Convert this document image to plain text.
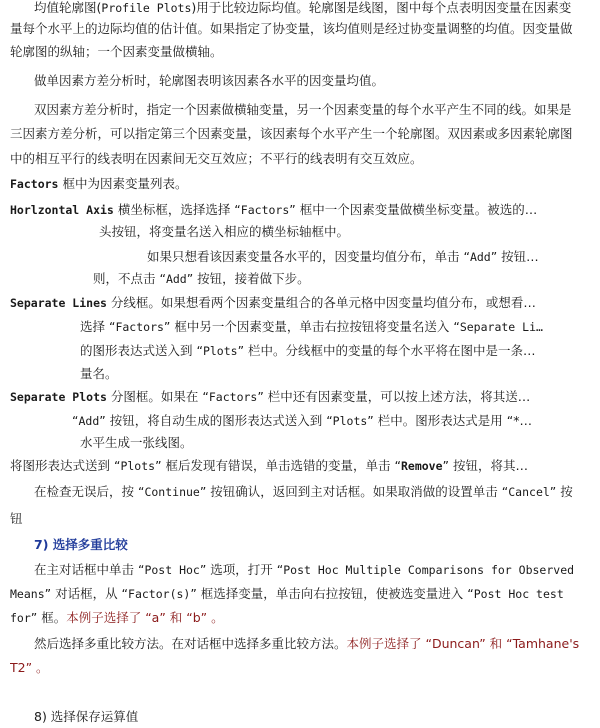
均值轮廓图(Profile Plots)用于比较边际均值。轮廓图是线图，图中每个点表明因变量在因素变
量每个水平上的边际均值的估计值。如果指定了协变量，该均值则是经过协变量调整的均值。因变量做
轮廓图的纵轴；一个因素变量做横轴。
做单因素方差分析时，轮廓图表明该因素各水平的因变量均值。
双因素方差分析时，指定一个因素做横轴变量，另一个因素变量的每个水平产生不同的线。如果是
三因素方差分析，可以指定第三个因素变量，该因素每个水平产生一个轮廓图。双因素或多因素轮廓图
中的相互平行的线表明在因素间无交互效应；不平行的线表明有交互效应。
Factors 框中为因素变量列表。
Horlzontal Axis 横坐标框，选择选择 “Factors” 框中一个因素变量做横坐标变量。被选的…
头按钮，将变量名送入相应的横坐标轴框中。
如果只想看该因素变量各水平的，因变量均值分布，单击 “Add” 按钮…
则，不点击 “Add” 按钮，接着做下步。
Separate Lines 分线框。如果想看两个因素变量组合的各单元格中因变量均值分布，或想看…
选择 “Factors” 框中另一个因素变量，单击右拉按钮将变量名送入 “Separate Li…
的图形表达式送入到 “Plots” 栏中。分线框中的变量的每个水平将在图中是一条…
量名。
Separate Plots 分图框。如果在 “Factors” 栏中还有因素变量，可以按上述方法，将其送…
“Add” 按钮，将自动生成的图形表达式送入到 “Plots” 栏中。图形表达式是用 “*…
水平生成一张线图。
将图形表达式送到 “Plots” 框后发现有错误，单击选错的变量，单击 “Remove” 按钮，将其…
在检查无误后，按 “Continue” 按钮确认，返回到主对话框。如果取消做的设置单击 “Cancel” 按
钮
7) 选择多重比较
在主对话框中单击 “Post Hoc” 选项，打开 “Post Hoc Multiple Comparisons for Observed
Means” 对话框，从 “Factor(s)” 框选择变量，单击向右拉按钮，使被选变量进入 “Post Hoc test
for” 框。本例子选择了 “a” 和 “b” 。
然后选择多重比较方法。在对话框中选择多重比较方法。本例子选择了 “Duncan” 和 “Tamhane's
T2” 。
8) 选择保存运算值
